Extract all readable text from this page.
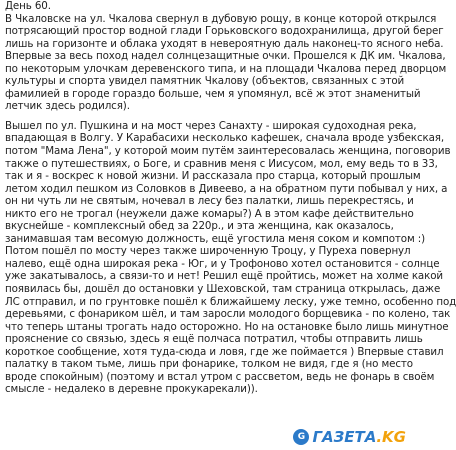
День 60.
В Чкаловске на ул. Чкалова свернул в дубовую рощу, в конце которой открылся
потрясающий простор водной глади Горьковского водохранилища, другой берег
лишь на горизонте и облака уходят в невероятную даль наконец-то ясного неба.
Впервые за весь поход надел солнцезащитные очки. Прошелся к ДК им. Чкалова,
по некоторым улочкам деревенского типа, и на площади Чкалова перед дворцом
культуры и спорта увидел памятник Чкалову (объектов, связанных с этой
фамилией в городе гораздо больше, чем я упомянул, всё ж этот знаменитый
летчик здесь родился).
Вышел по ул. Пушкина и на мост через Санахту - широкая судоходная река,
впадающая в Волгу. У Карабасихи несколько кафешек, сначала вроде узбекская,
потом "Мама Лена", у которой моим путём заинтересовалась женщина, поговорив
также о путешествиях, о Боге, и сравнив меня с Иисусом, мол, ему ведь то в 33,
так и я - воскрес к новой жизни. И рассказала про старца, который прошлым
летом ходил пешком из Соловков в Дивеево, а на обратном пути побывал у них, а
он ни чуть ли не святым, ночевал в лесу без палатки, лишь перекрестясь, и
никто его не трогал (неужели даже комары?) А в этом кафе действительно
вкуснейше - комплексный обед за 220р., и эта женщина, как оказалось,
занимавшая там весомую должность, ещё угостила меня соком и компотом :)
Потом пошёл по мосту через также широченную Троцу, у Пуреха повернул
налево, ещё одна широкая река - Юг, и у Трофоново хотел остановится - солнце
уже закатывалось, а связи-то и нет! Решил ещё пройтись, может на холме какой
появилась бы, дошёл до остановки у Шеховской, там страница открылась, даже
ЛС отправил, и по грунтовке пошёл к ближайшему леску, уже темно, особенно под
деревьями, с фонариком шёл, и там заросли молодого борщевика - по колено, так
что теперь штаны трогать надо осторожно. Но на остановке было лишь минутное
прояснение со связью, здесь я ещё полчаса потратил, чтобы отправить лишь
короткое сообщение, хотя туда-сюда и ловя, где же поймается ) Впервые ставил
палатку в таком тьме, лишь при фонарике, толком не видя, где я (но место
вроде спокойным) (поэтому и встал утром с рассветом, ведь не фонарь в своём
смысле - недалеко в деревне прокукарекали)).
G ГАЗЕТА.KG
